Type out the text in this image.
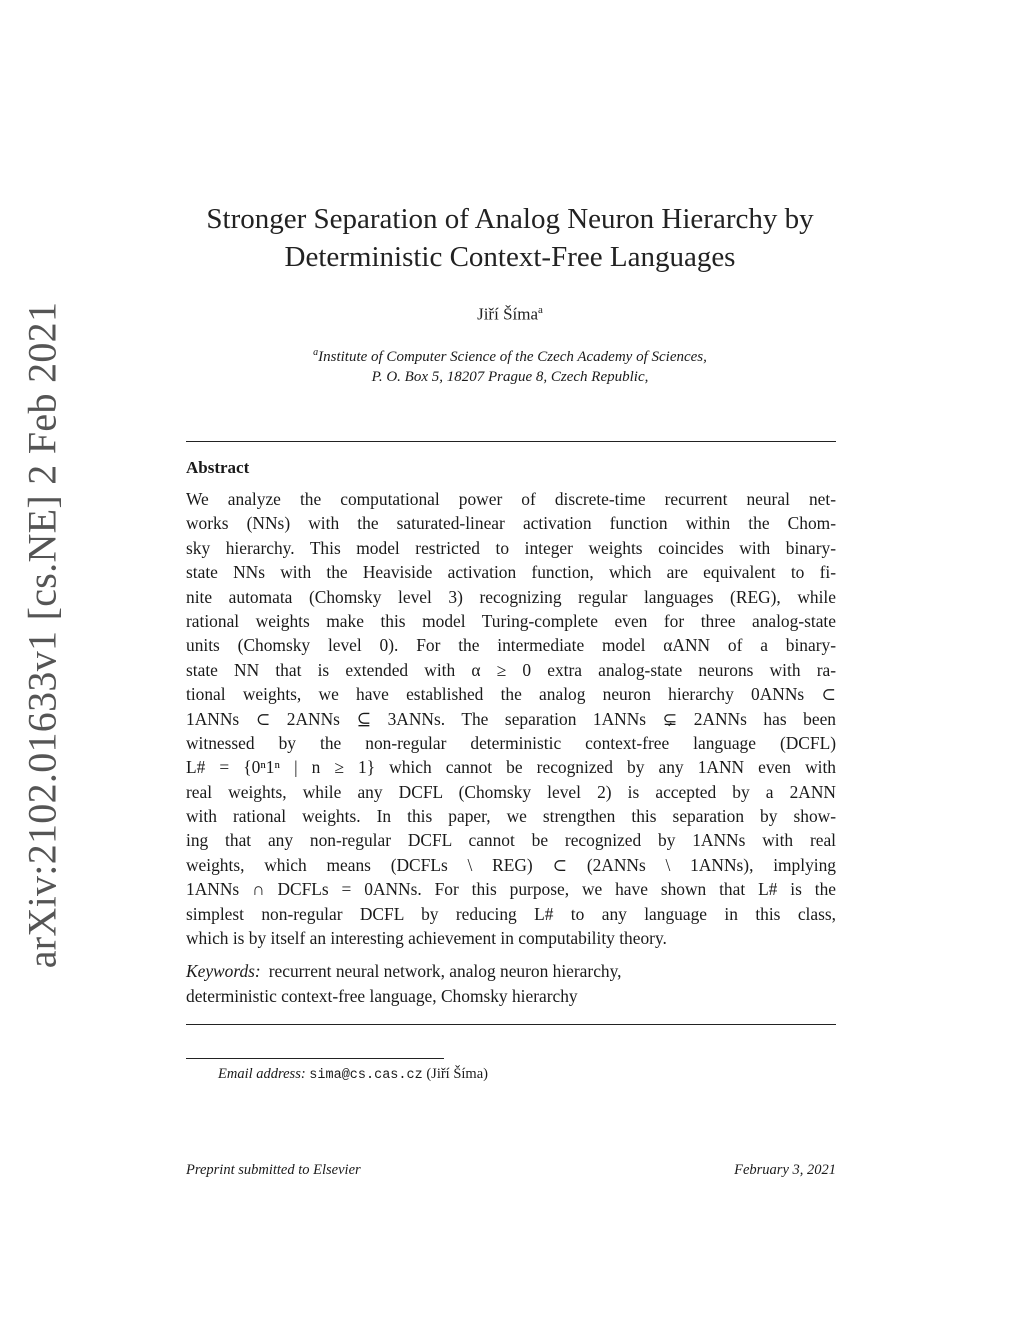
arXiv:2102.01633v1 [cs.NE] 2 Feb 2021
Stronger Separation of Analog Neuron Hierarchy by
Deterministic Context-Free Languages
Jiří Šíma$^a$
$^a$Institute of Computer Science of the Czech Academy of Sciences,
P. O. Box 5, 18207 Prague 8, Czech Republic,
Abstract
We analyze the computational power of discrete-time recurrent neural net-
works (NNs) with the saturated-linear activation function within the Chom-
sky hierarchy. This model restricted to integer weights coincides with binary-
state NNs with the Heaviside activation function, which are equivalent to fi-
nite automata (Chomsky level 3) recognizing regular languages (REG), while
rational weights make this model Turing-complete even for three analog-state
units (Chomsky level 0). For the intermediate model αANN of a binary-
state NN that is extended with α ≥ 0 extra analog-state neurons with ra-
tional weights, we have established the analog neuron hierarchy 0ANNs ⊂
1ANNs ⊂ 2ANNs ⊆ 3ANNs. The separation 1ANNs ⊊ 2ANNs has been
witnessed by the non-regular deterministic context-free language (DCFL)
L# = {0ⁿ1ⁿ | n ≥ 1} which cannot be recognized by any 1ANN even with
real weights, while any DCFL (Chomsky level 2) is accepted by a 2ANN
with rational weights. In this paper, we strengthen this separation by show-
ing that any non-regular DCFL cannot be recognized by 1ANNs with real
weights, which means (DCFLs \ REG) ⊂ (2ANNs \ 1ANNs), implying
1ANNs ∩ DCFLs = 0ANNs. For this purpose, we have shown that L# is the
simplest non-regular DCFL by reducing L# to any language in this class,
which is by itself an interesting achievement in computability theory.
Keywords: recurrent neural network, analog neuron hierarchy,
deterministic context-free language, Chomsky hierarchy
Email address: sima@cs.cas.cz (Jiří Šíma)
Preprint submitted to Elsevier	February 3, 2021
